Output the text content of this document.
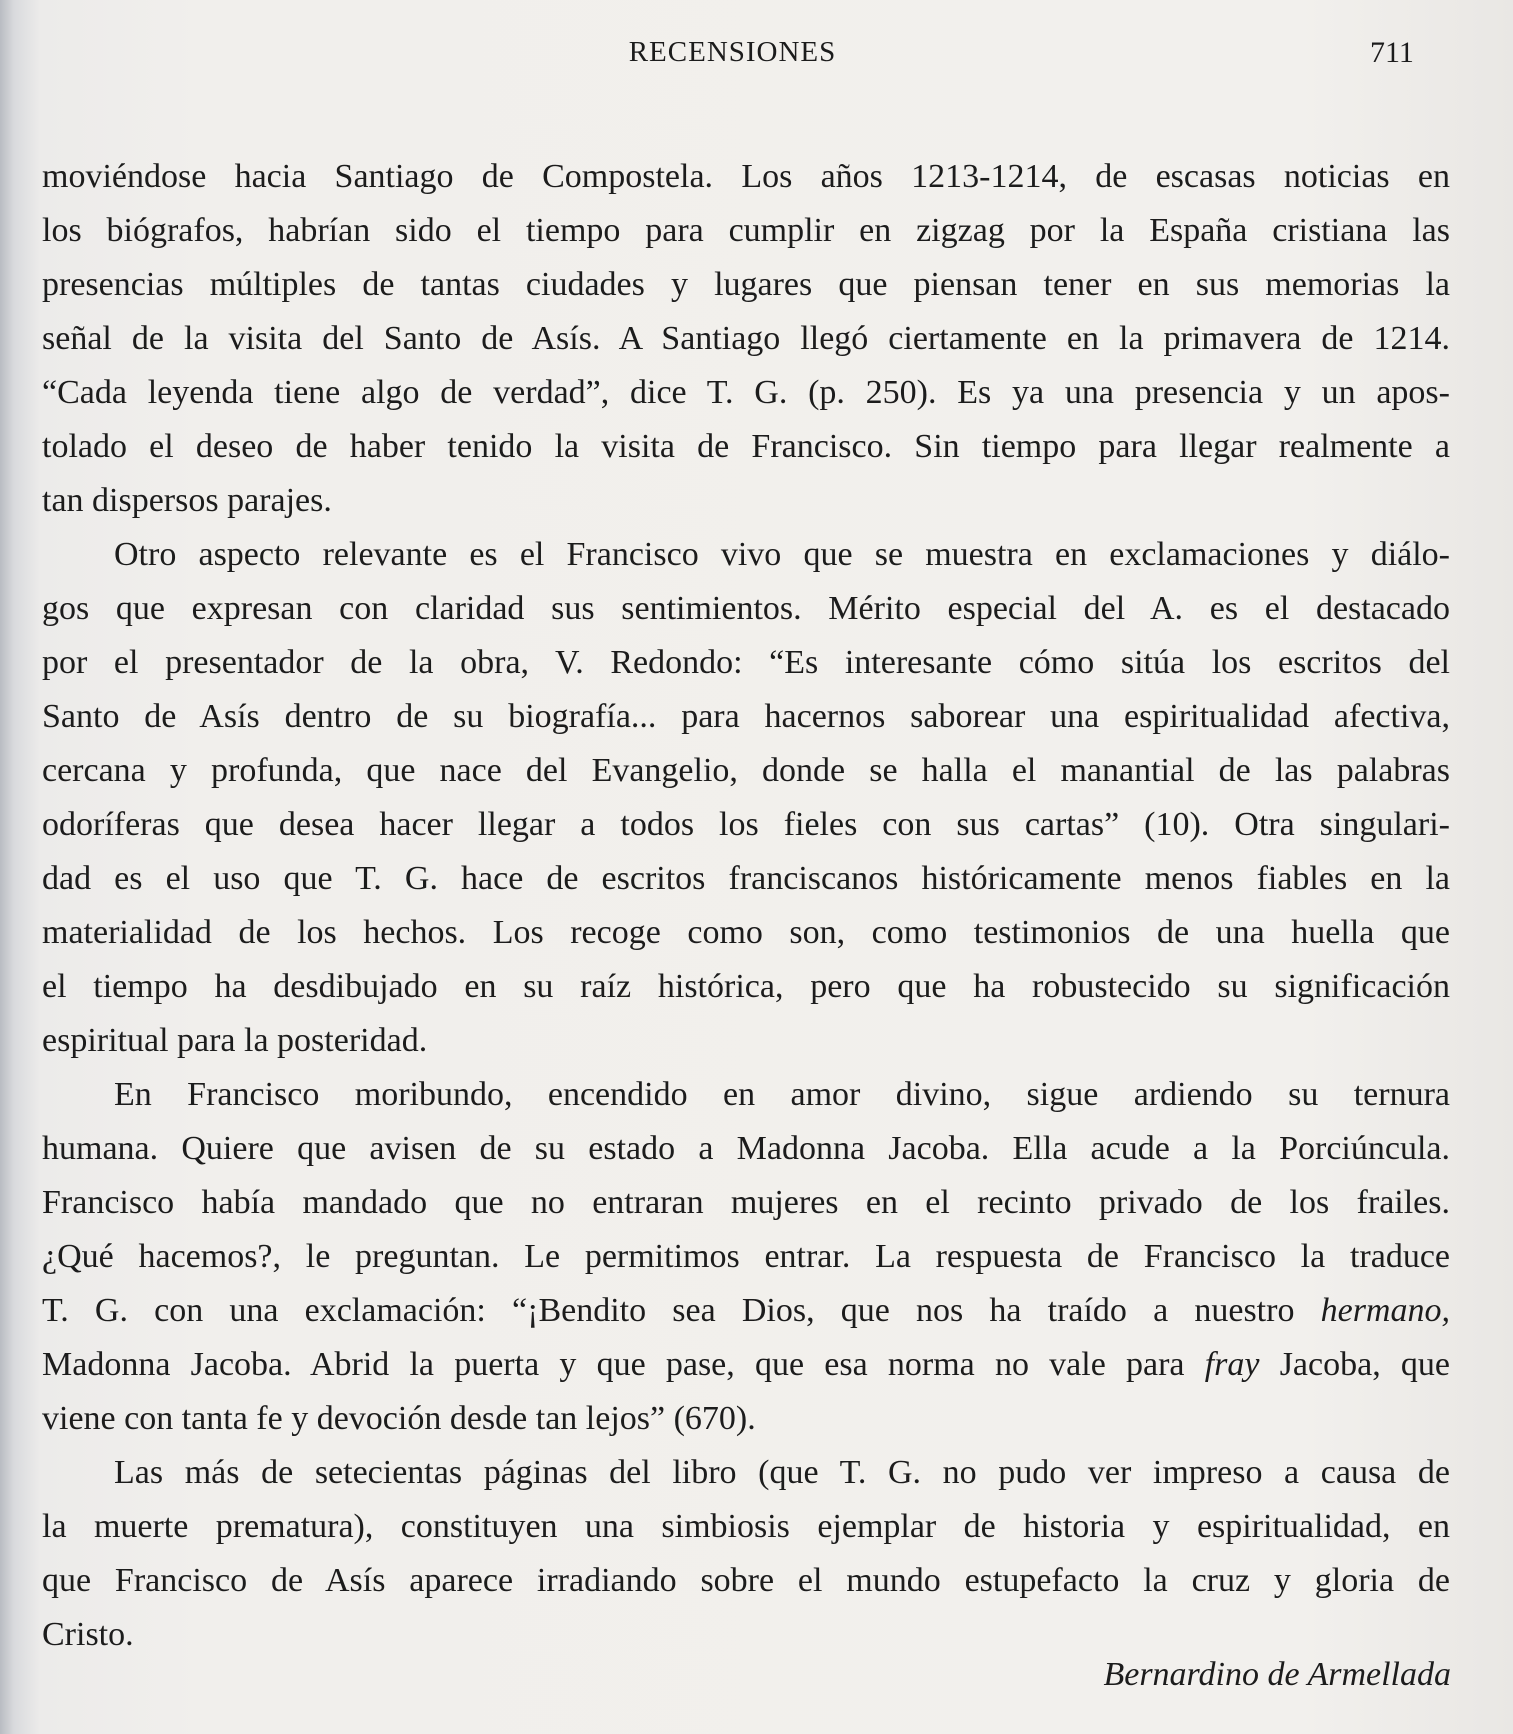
RECENSIONES	711
moviéndose hacia Santiago de Compostela. Los años 1213-1214, de escasas noticias en
los biógrafos, habrían sido el tiempo para cumplir en zigzag por la España cristiana las
presencias múltiples de tantas ciudades y lugares que piensan tener en sus memorias la
señal de la visita del Santo de Asís. A Santiago llegó ciertamente en la primavera de 1214.
“Cada leyenda tiene algo de verdad”, dice T. G. (p. 250). Es ya una presencia y un apos-
tolado el deseo de haber tenido la visita de Francisco. Sin tiempo para llegar realmente a
tan dispersos parajes.
Otro aspecto relevante es el Francisco vivo que se muestra en exclamaciones y diálo-
gos que expresan con claridad sus sentimientos. Mérito especial del A. es el destacado
por el presentador de la obra, V. Redondo: “Es interesante cómo sitúa los escritos del
Santo de Asís dentro de su biografía... para hacernos saborear una espiritualidad afectiva,
cercana y profunda, que nace del Evangelio, donde se halla el manantial de las palabras
odoríferas que desea hacer llegar a todos los fieles con sus cartas” (10). Otra singulari-
dad es el uso que T. G. hace de escritos franciscanos históricamente menos fiables en la
materialidad de los hechos. Los recoge como son, como testimonios de una huella que
el tiempo ha desdibujado en su raíz histórica, pero que ha robustecido su significación
espiritual para la posteridad.
En Francisco moribundo, encendido en amor divino, sigue ardiendo su ternura
humana. Quiere que avisen de su estado a Madonna Jacoba. Ella acude a la Porciúncula.
Francisco había mandado que no entraran mujeres en el recinto privado de los frailes.
¿Qué hacemos?, le preguntan. Le permitimos entrar. La respuesta de Francisco la traduce
T. G. con una exclamación: “¡Bendito sea Dios, que nos ha traído a nuestro hermano,
Madonna Jacoba. Abrid la puerta y que pase, que esa norma no vale para fray Jacoba, que
viene con tanta fe y devoción desde tan lejos” (670).
Las más de setecientas páginas del libro (que T. G. no pudo ver impreso a causa de
la muerte prematura), constituyen una simbiosis ejemplar de historia y espiritualidad, en
que Francisco de Asís aparece irradiando sobre el mundo estupefacto la cruz y gloria de
Cristo.
Bernardino de Armellada
